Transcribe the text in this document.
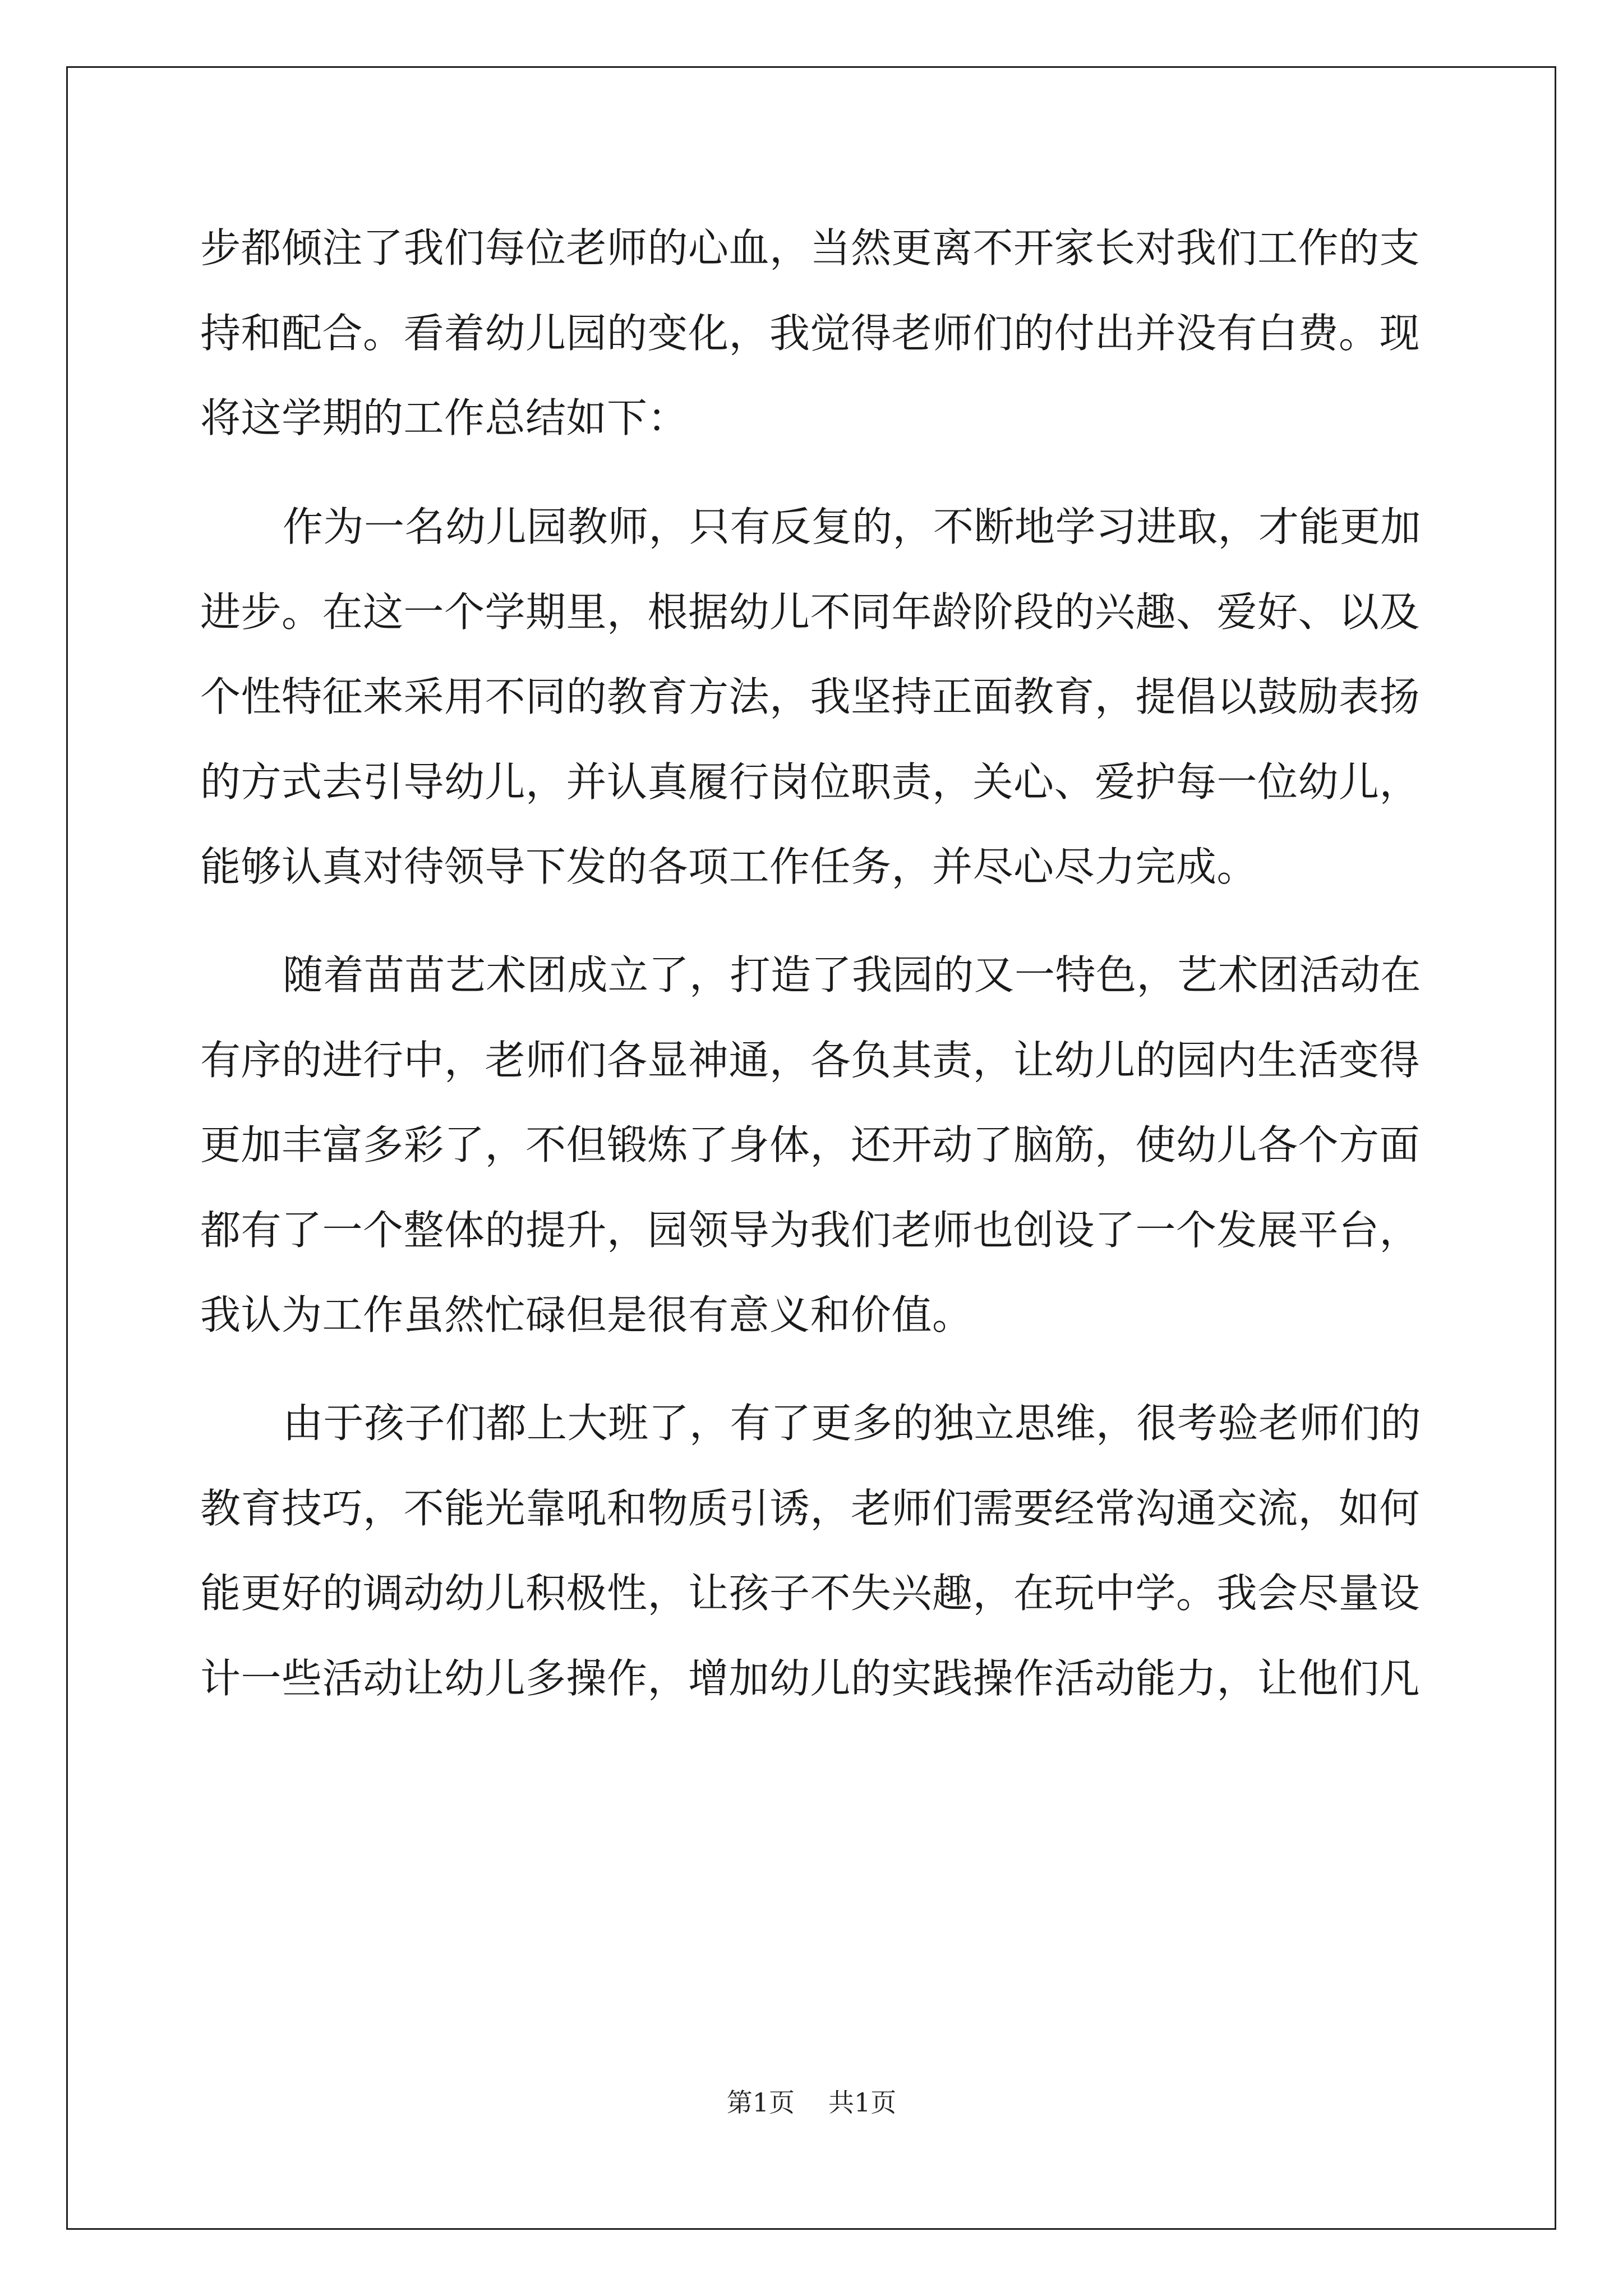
步都倾注了我们每位老师的心血，当然更离不开家长对我们工作的支
持和配合。看着幼儿园的变化，我觉得老师们的付出并没有白费。现
将这学期的工作总结如下：
作为一名幼儿园教师，只有反复的，不断地学习进取，才能更加
进步。在这一个学期里，根据幼儿不同年龄阶段的兴趣、爱好、以及
个性特征来采用不同的教育方法，我坚持正面教育，提倡以鼓励表扬
的方式去引导幼儿，并认真履行岗位职责，关心、爱护每一位幼儿，
能够认真对待领导下发的各项工作任务，并尽心尽力完成。
随着苗苗艺术团成立了，打造了我园的又一特色，艺术团活动在
有序的进行中，老师们各显神通，各负其责，让幼儿的园内生活变得
更加丰富多彩了，不但锻炼了身体，还开动了脑筋，使幼儿各个方面
都有了一个整体的提升，园领导为我们老师也创设了一个发展平台，
我认为工作虽然忙碌但是很有意义和价值。
由于孩子们都上大班了，有了更多的独立思维，很考验老师们的
教育技巧，不能光靠吼和物质引诱，老师们需要经常沟通交流，如何
能更好的调动幼儿积极性，让孩子不失兴趣，在玩中学。我会尽量设
计一些活动让幼儿多操作，增加幼儿的实践操作活动能力，让他们凡
第1页 共1页
